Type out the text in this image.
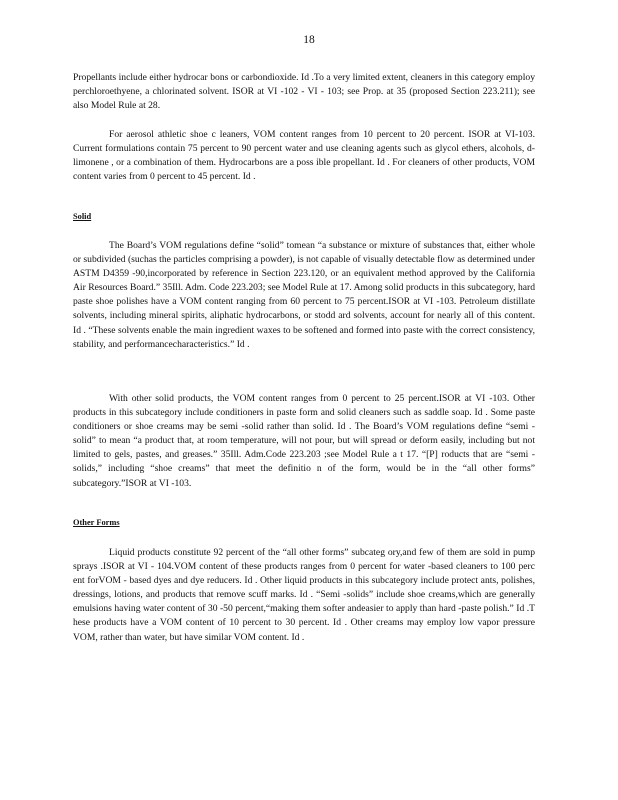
18

Propellants include either hydrocar bons or carbondioxide. Id .To a very limited extent, cleaners in this category employ perchloroethyene, a chlorinated solvent. ISOR at VI -102 - VI - 103; see Prop. at 35 (proposed Section 223.211); see also Model Rule at 28.

For aerosol athletic shoe c leaners, VOM content ranges from 10 percent to 20 percent. ISOR at VI-103. Current formulations contain 75 percent to 90 percent water and use cleaning agents such as glycol ethers, alcohols, d-limonene , or a combination of them. Hydrocarbons are a poss ible propellant. Id . For cleaners of other products, VOM content varies from 0 percent to 45 percent. Id .

Solid

The Board’s VOM regulations define “solid” tomean “a substance or mixture of substances that, either whole or subdivided (suchas the particles comprising a powder), is not capable of visually detectable flow as determined under ASTM D4359 -90,incorporated by reference in Section 223.120, or an equivalent method approved by the California Air Resources Board.” 35Ill. Adm. Code 223.203; see Model Rule at 17. Among solid products in this subcategory, hard paste shoe polishes have a VOM content ranging from 60 percent to 75 percent.ISOR at VI -103. Petroleum distillate solvents, including mineral spirits, aliphatic hydrocarbons, or stodd ard solvents, account for nearly all of this content. Id . “These solvents enable the main ingredient waxes to be softened and formed into paste with the correct consistency, stability, and performancecharacteristics.” Id .

With other solid products, the VOM content ranges from 0 percent to 25 percent.ISOR at VI -103. Other products in this subcategory include conditioners in paste form and solid cleaners such as saddle soap. Id . Some paste conditioners or shoe creams may be semi -solid rather than solid. Id . The Board’s VOM regulations define “semi -solid” to mean “a product that, at room temperature, will not pour, but will spread or deform easily, including but not limited to gels, pastes, and greases.” 35Ill. Adm.Code 223.203 ;see Model Rule a t 17. “[P] roducts that are “semi -solids,” including “shoe creams” that meet the definitio n of the form, would be in the “all other forms” subcategory.”ISOR at VI -103.

Other Forms

Liquid products constitute 92 percent of the “all other forms” subcateg ory,and few of them are sold in pump sprays .ISOR at VI - 104.VOM content of these products ranges from 0 percent for water -based cleaners to 100 perc ent forVOM - based dyes and dye reducers. Id . Other liquid products in this subcategory include protect ants, polishes, dressings, lotions, and products that remove scuff marks. Id . “Semi -solids” include shoe creams,which are generally emulsions having water content of 30 -50 percent,“making them softer andeasier to apply than hard -paste polish.” Id .T hese products have a VOM content of 10 percent to 30 percent. Id . Other creams may employ low vapor pressure VOM, rather than water, but have similar VOM content. Id .
